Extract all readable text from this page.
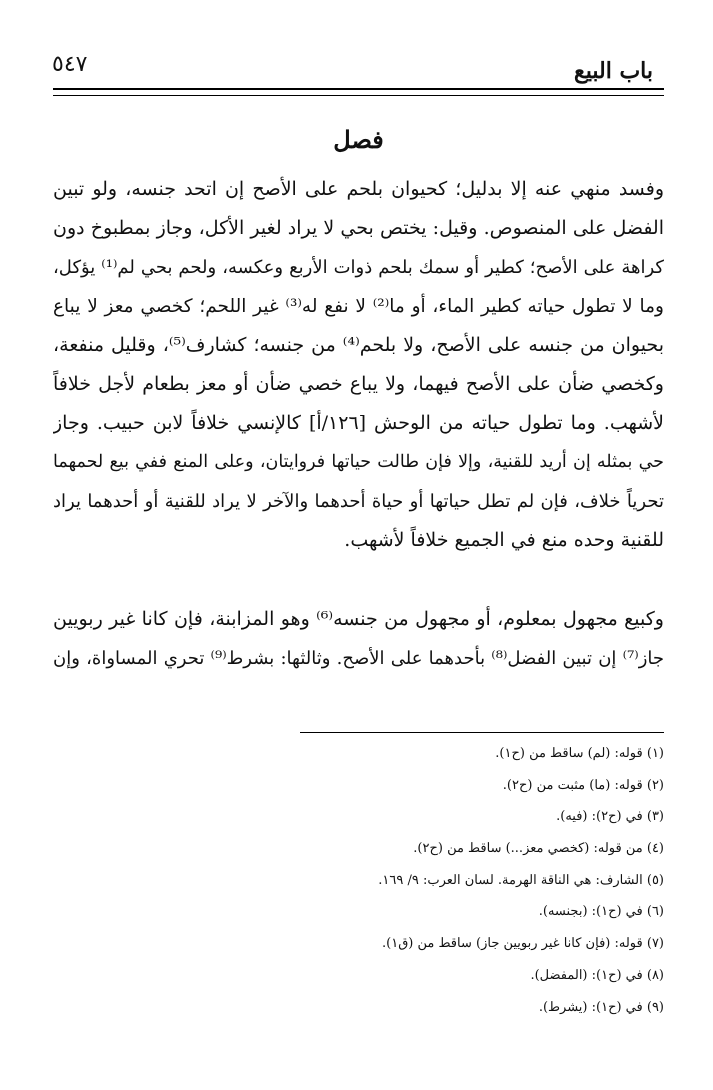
باب البيع
٥٤٧
فصل
وفسد منهي عنه إلا بدليل؛ كحيوان بلحم على الأصح إن اتحد جنسه، ولو تبين
الفضل على المنصوص. وقيل: يختص بحي لا يراد لغير الأكل، وجاز بمطبوخ دون
كراهة على الأصح؛ كطير أو سمك بلحم ذوات الأربع وعكسه، ولحم بحي لم⁽¹⁾ يؤكل،
وما لا تطول حياته كطير الماء، أو ما⁽²⁾ لا نفع له⁽³⁾ غير اللحم؛ كخصي معز لا يباع
بحيوان من جنسه على الأصح، ولا بلحم⁽⁴⁾ من جنسه؛ كشارف⁽⁵⁾، وقليل منفعة،
وكخصي ضأن على الأصح فيهما، ولا يباع خصي ضأن أو معز بطعام لأجل خلافاً
لأشهب. وما تطول حياته من الوحش [١٢٦/أ] كالإنسي خلافاً لابن حبيب. وجاز
حي بمثله إن أريد للقنية، وإلا فإن طالت حياتها فروايتان، وعلى المنع ففي بيع لحمهما
تحرياً خلاف، فإن لم تطل حياتها أو حياة أحدهما والآخر لا يراد للقنية أو أحدهما يراد
للقنية وحده منع في الجميع خلافاً لأشهب.
وكبيع مجهول بمعلوم، أو مجهول من جنسه⁽⁶⁾ وهو المزابنة، فإن كانا غير ربويين
جاز⁽⁷⁾ إن تبين الفضل⁽⁸⁾ بأحدهما على الأصح. وثالثها: بشرط⁽⁹⁾ تحري المساواة، وإن
(١) قوله: (لم) ساقط من (ح١).
(٢) قوله: (ما) مثبت من (ح٢).
(٣) في (ح٢): (فيه).
(٤) من قوله: (كخصي معز...) ساقط من (ح٢).
(٥) الشارف: هي الناقة الهرمة. لسان العرب: ٩/ ١٦٩.
(٦) في (ح١): (بجنسه).
(٧) قوله: (فإن كانا غير ربويين جاز) ساقط من (ق١).
(٨) في (ح١): (المفضل).
(٩) في (ح١): (يشرط).
